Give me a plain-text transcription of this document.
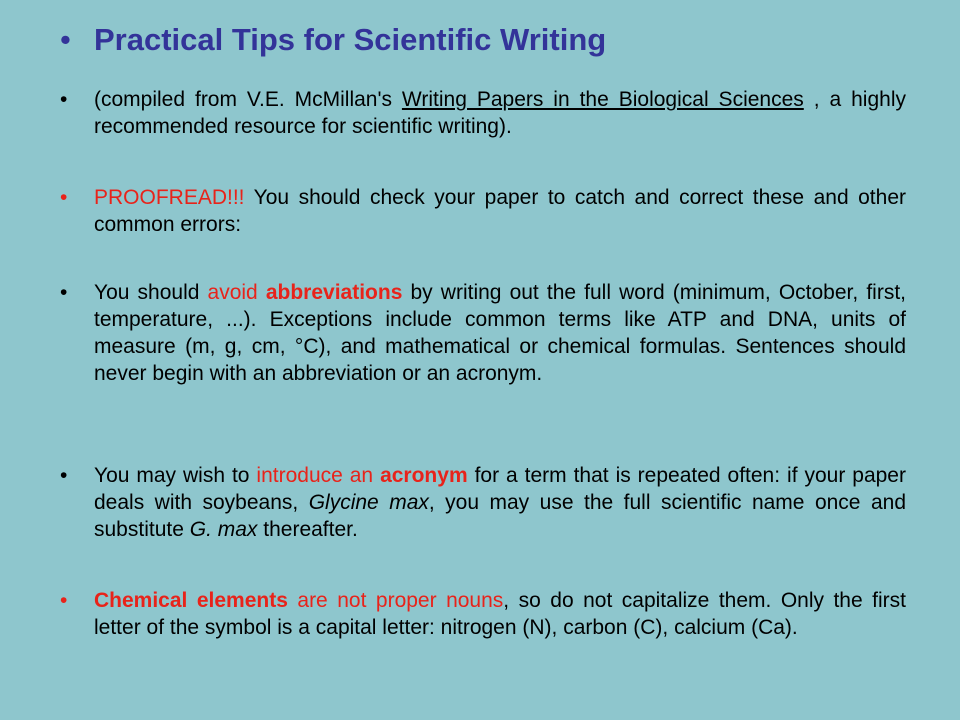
• Practical Tips for Scientific Writing
• (compiled from V.E. McMillan's Writing Papers in the Biological Sciences , a highly recommended resource for scientific writing).
• PROOFREAD!!! You should check your paper to catch and correct these and other common errors:
• You should avoid abbreviations by writing out the full word (minimum, October, first, temperature, ...). Exceptions include common terms like ATP and DNA, units of measure (m, g, cm, °C), and mathematical or chemical formulas. Sentences should never begin with an abbreviation or an acronym.
• You may wish to introduce an acronym for a term that is repeated often: if your paper deals with soybeans, Glycine max, you may use the full scientific name once and substitute G. max thereafter.
• Chemical elements are not proper nouns, so do not capitalize them. Only the first letter of the symbol is a capital letter: nitrogen (N), carbon (C), calcium (Ca).
